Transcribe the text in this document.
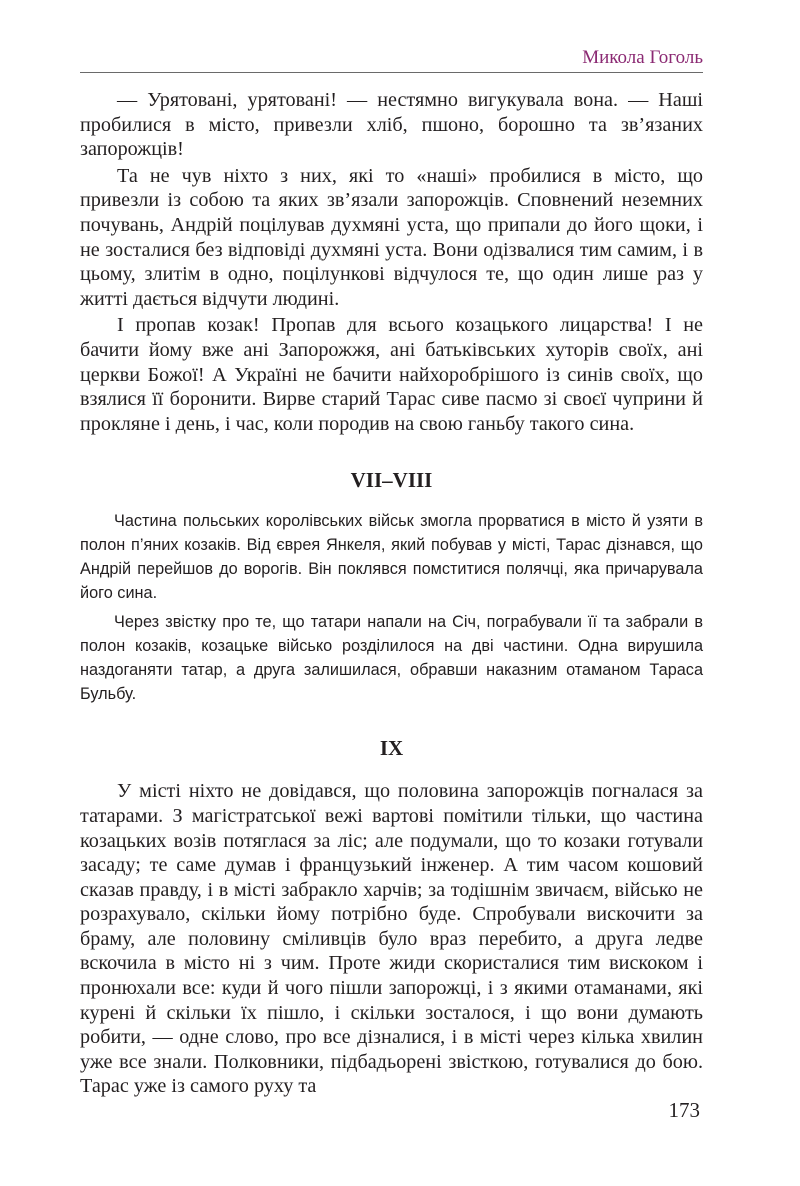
Микола Гоголь

— Урятовані, урятовані! — нестямно вигукувала вона. — Наші пробилися в місто, привезли хліб, пшоно, борошно та зв’язаних запорожців!

Та не чув ніхто з них, які то «наші» пробилися в місто, що привезли із собою та яких зв’язали запорожців. Сповнений неземних почувань, Андрій поцілував духмяні уста, що припали до його щоки, і не зосталися без відповіді духмяні уста. Вони одізвалися тим самим, і в цьому, злитім в одно, поцілункові відчулося те, що один лише раз у житті дається відчути людині.

І пропав козак! Пропав для всього козацького лицарства! І не бачити йому вже ані Запорожжя, ані батьківських хуторів своїх, ані церкви Божої! А Україні не бачити найхоробрішого із синів своїх, що взялися її боронити. Вирве старий Тарас сиве пасмо зі своєї чуприни й прокляне і день, і час, коли породив на свою ганьбу такого сина.

VII–VIII

Частина польських королівських військ змогла прорватися в місто й узяти в полон п’яних козаків. Від єврея Янкеля, який побував у місті, Тарас дізнався, що Андрій перейшов до ворогів. Він поклявся помститися полячці, яка причарувала його сина.

Через звістку про те, що татари напали на Січ, пограбували її та забрали в полон козаків, козацьке військо розділилося на дві частини. Одна вирушила наздоганяти татар, а друга залишилася, обравши наказним отаманом Тараса Бульбу.

IX

У місті ніхто не довідався, що половина запорожців погналася за татарами. З магістратської вежі вартові помітили тільки, що частина козацьких возів потяглася за ліс; але подумали, що то козаки готували засаду; те саме думав і французький інженер. А тим часом кошовий сказав правду, і в місті забракло харчів; за тодішнім звичаєм, військо не розрахувало, скільки йому потрібно буде. Спробували вискочити за браму, але половину сміливців було враз перебито, а друга ледве вскочила в місто ні з чим. Проте жиди скористалися тим вискоком і пронюхали все: куди й чого пішли запорожці, і з якими отаманами, які курені й скільки їх пішло, і скільки зосталося, і що вони думають робити, — одне слово, про все дізналися, і в місті через кілька хвилин уже все знали. Полковники, підбадьорені звісткою, готувалися до бою. Тарас уже із самого руху та

173
